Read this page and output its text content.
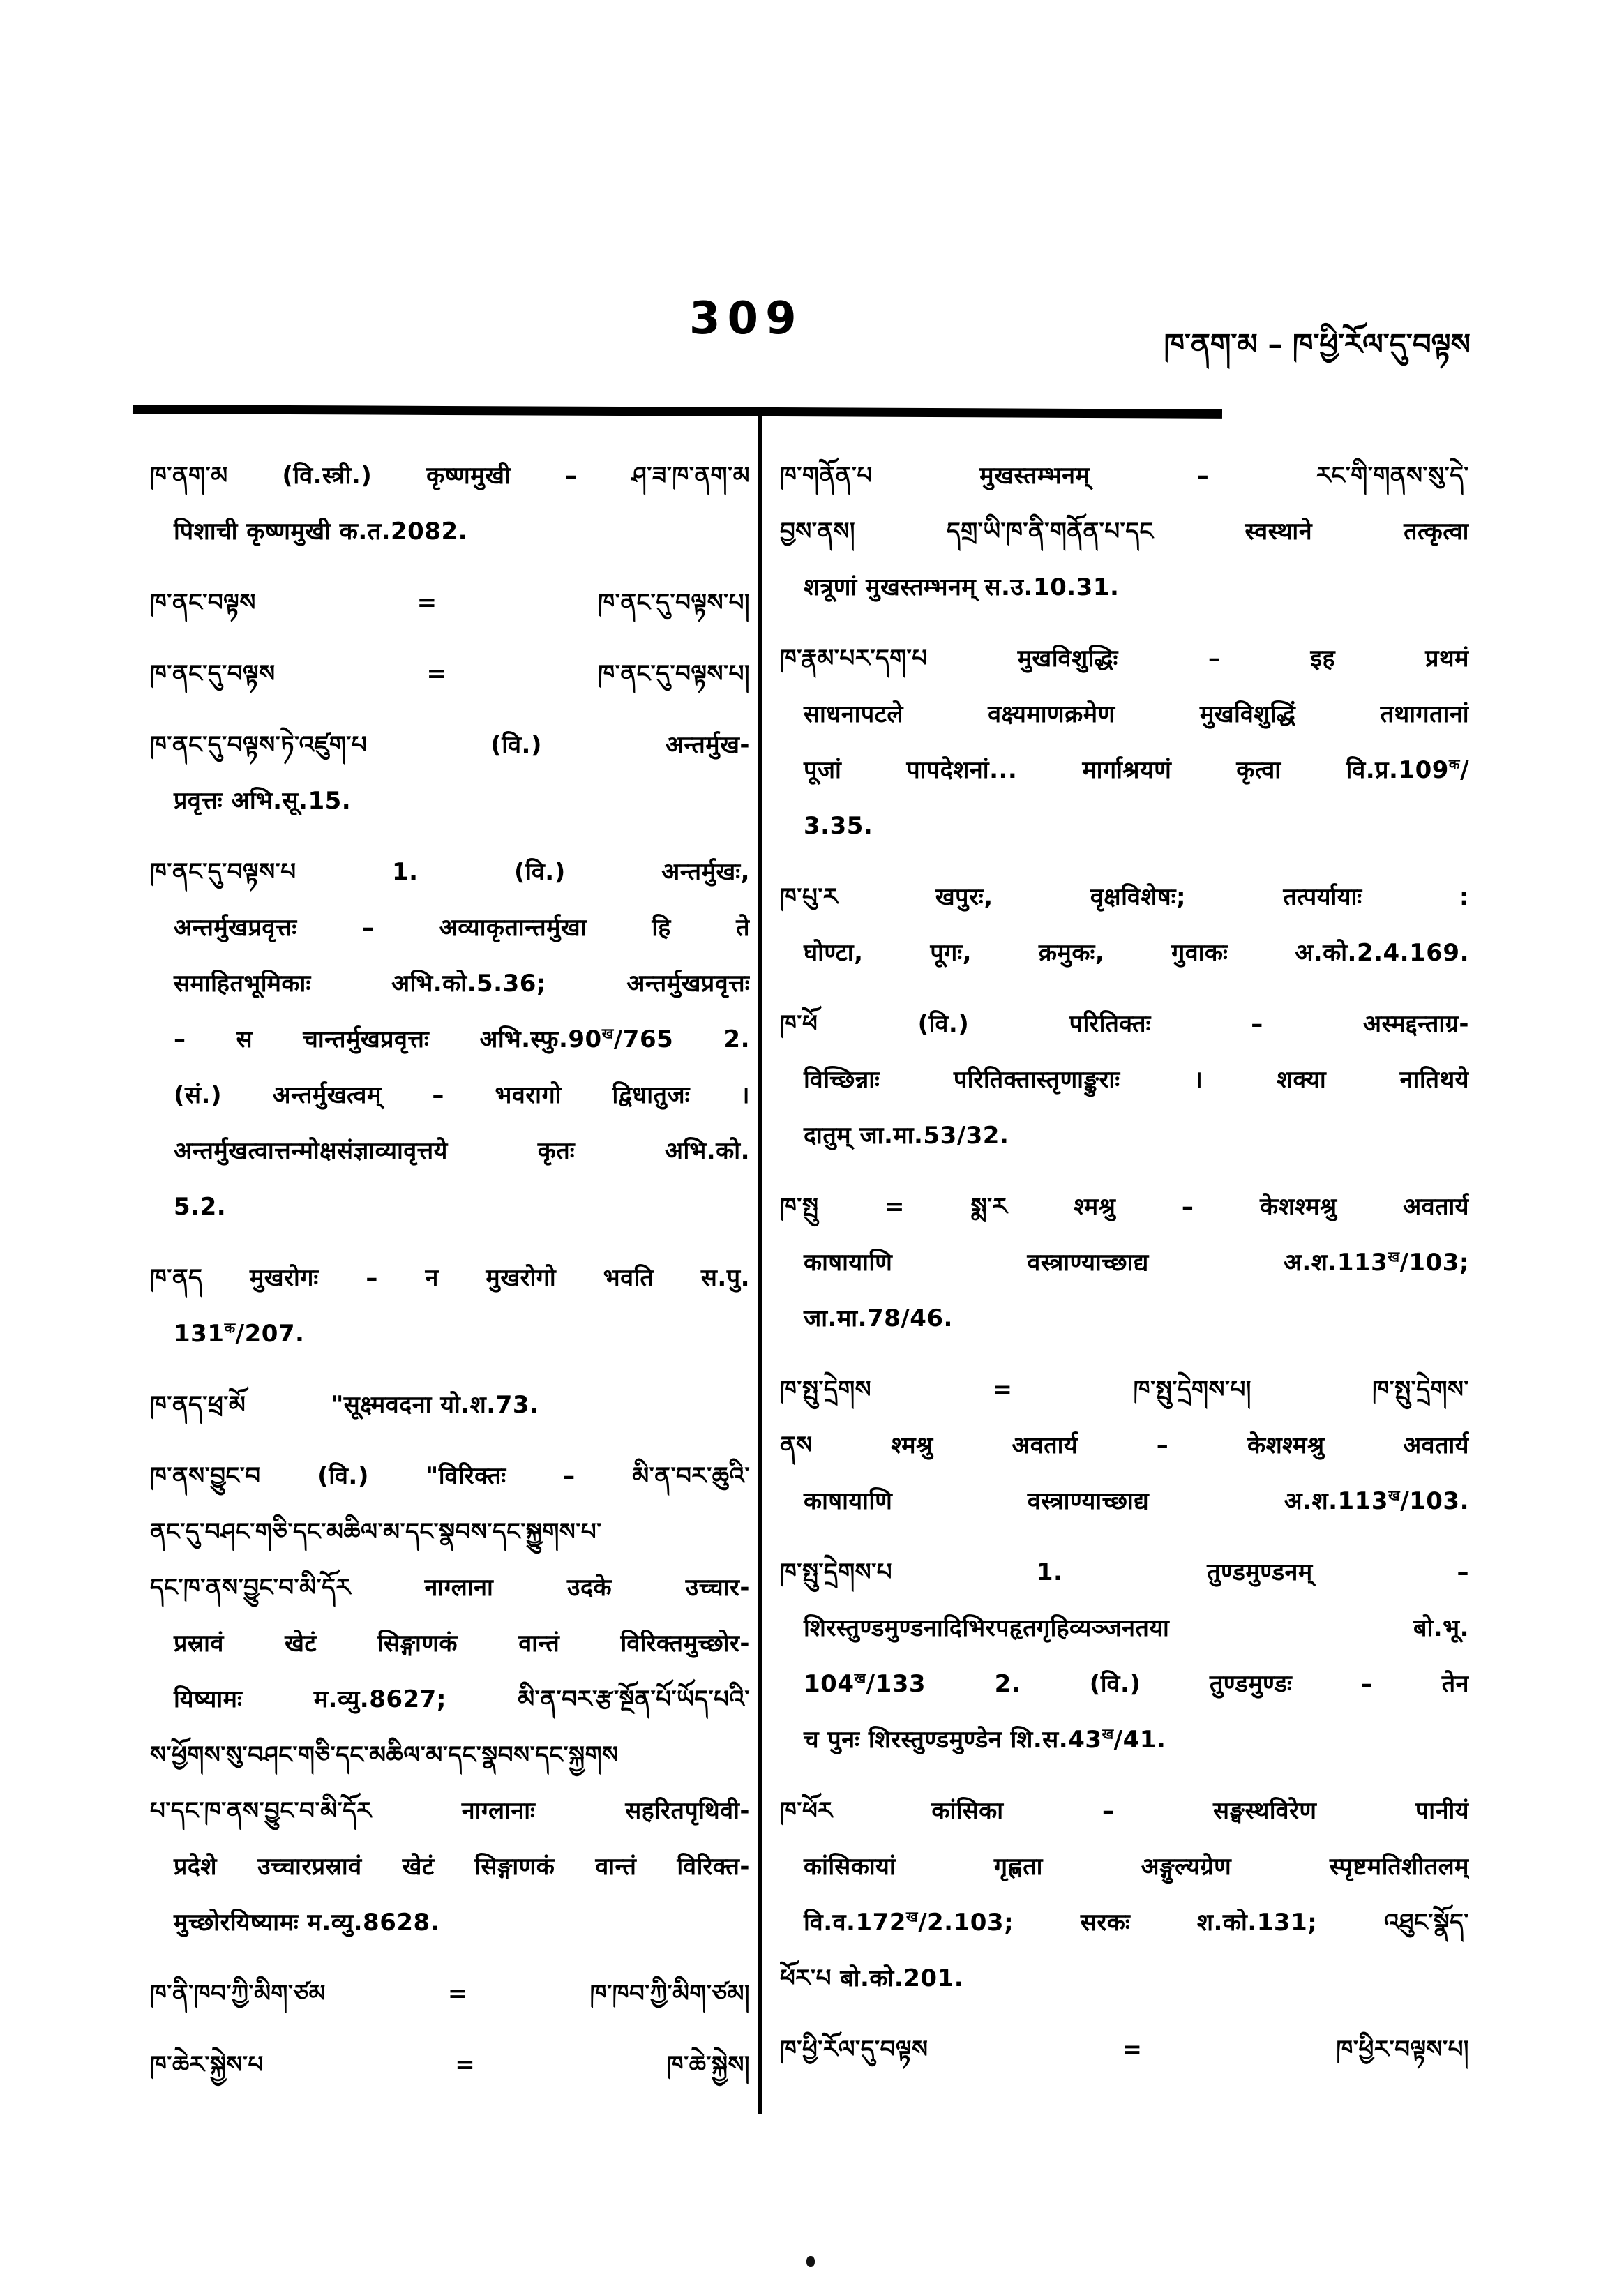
309	ཁ་ནག་མ – ཁ་ཕྱི་རོལ་དུ་བལྟས
ཁ་ནག་མ (वि.स्त्री.) कृष्णमुखी – ཤ་ཟ་ཁ་ནག་མ
पिशाची कृष्णमुखी क.त.2082.
ཁ་ནང་བལྟས	= ཁ་ནང་དུ་བལྟས་པ།
ཁ་ནང་དུ་བལྟས	= ཁ་ནང་དུ་བལྟས་པ།
ཁ་ནང་དུ་བལྟས་ཏེ་འཛུག་པ	(वि.) अन्तर्मुख-
प्रवृत्तः अभि.सू.15.
ཁ་ནང་དུ་བལྟས་པ	1. (वि.) अन्तर्मुखः,
अन्तर्मुखप्रवृत्तः – अव्याकृतान्तर्मुखा हि ते
समाहितभूमिकाः अभि.को.5.36; अन्तर्मुखप्रवृत्तः
– स चान्तर्मुखप्रवृत्तः $अभि.स्फु.90^ख/765$ 2.
(सं.) अन्तर्मुखत्वम् – भवरागो द्विधातुजः ।
अन्तर्मुखत्वात्तन्मोक्षसंज्ञाव्यावृत्तये कृतः अभि.को.
5.2.
ཁ་ནད मुखरोगः – न मुखरोगो भवति स.पु.
$131^क/207$.
ཁ་ནད་ཕྲ་མོ	"सूक्ष्मवदना यो.श.73.
ཁ་ནས་བྱུང་བ (वि.) "विरिक्तः – མི་ན་བར་ཆུའི་
ནང་དུ་བཤང་གཅི་དང་མཆིལ་མ་དང་སྣབས་དང་སྐྱུགས་པ་
དང་ཁ་ནས་བྱུང་བ་མི་དོར नाग्लाना उदके उच्चार-
प्रस्रावं खेटं सिङ्गाणकं वान्तं विरिक्तमुच्छोर-
यिष्यामः म.व्यु.8627; མི་ན་བར་རྩ་སྔོན་པོ་ཡོད་པའི་
ས་ཕྱོགས་སུ་བཤང་གཅི་དང་མཆིལ་མ་དང་སྣབས་དང་སྐྱགས
པ་དང་ཁ་ནས་བྱུང་བ་མི་དོར नाग्लानाः सहरितपृथिवी-
प्रदेशे उच्चारप्रस्रावं खेटं सिङ्गाणकं वान्तं विरिक्त-
मुच्छोरयिष्यामः म.व्यु.8628.
ཁ་ནི་ཁབ་ཀྱི་མིག་ཙམ	= ཁ་ཁབ་ཀྱི་མིག་ཙམ།
ཁ་ཆེར་སྐྱེས་པ	= ཁ་ཆེ་སྐྱེས།
ཁ་གནོན་པ	मुखस्तम्भनम् – རང་གི་གནས་སུ་དེ་
བྱས་ནས། དགྲ་ཡི་ཁ་ནི་གནོན་པ་དང स्वस्थाने तत्कृत्वा
शत्रूणां मुखस्तम्भनम् स.उ.10.31.
ཁ་རྣམ་པར་དག་པ	मुखविशुद्धिः – इह प्रथमं
साधनापटले वक्ष्यमाणक्रमेण मुखविशुद्धिं तथागतानां
पूजां पापदेशनां... मार्गाश्रयणं कृत्वा $वि.प्र.109^क/$
3.35.
ཁ་པུ་ར	खपुरः, वृक्षविशेषः; तत्पर्यायाः :
घोण्टा, पूगः, क्रमुकः, गुवाकः अ.को.2.4.169.
ཁ་ཕོ	(वि.) परितिक्तः – अस्मद्दन्ताग्र-
विच्छिन्नाः परितिक्तास्तृणाङ्कुराः । शक्या नातिथये
दातुम् जा.मा.53/32.
ཁ་སྤུ	= སྨ་ར श्मश्रु – केशश्मश्रु अवतार्य
काषायाणि वस्त्राण्याच्छाद्य $अ.श.113^ख/103$;
जा.मा.78/46.
ཁ་སྤུ་དྲེགས	= ཁ་སྤུ་དྲེགས་པ། ཁ་སྤུ་དྲེགས་
ནས श्मश्रु अवतार्य – केशश्मश्रु अवतार्य
काषायाणि वस्त्राण्याच्छाद्य $अ.श.113^ख/103$.
ཁ་སྤུ་དྲེགས་པ	1. तुण्डमुण्डनम् –
शिरस्तुण्डमुण्डनादिभिरपहृतगृहिव्यञ्जनतया बो.भू.
$104^ख/133$ 2. (वि.) तुण्डमुण्डः – तेन
च पुनः शिरस्तुण्डमुण्डेन $शि.स.43^ख/41$.
ཁ་ཕོར	कांसिका – सङ्घस्थविरेण पानीयं
कांसिकायां गृह्णता अङ्गुल्यग्रेण स्पृष्टमतिशीतलम्
$वि.व.172^ख/2.103$; सरकः श.को.131; འཐུང་སྣོད་
ཕོར་པ बो.को.201.
ཁ་ཕྱི་རོལ་དུ་བལྟས	= ཁ་ཕྱིར་བལྟས་པ།
